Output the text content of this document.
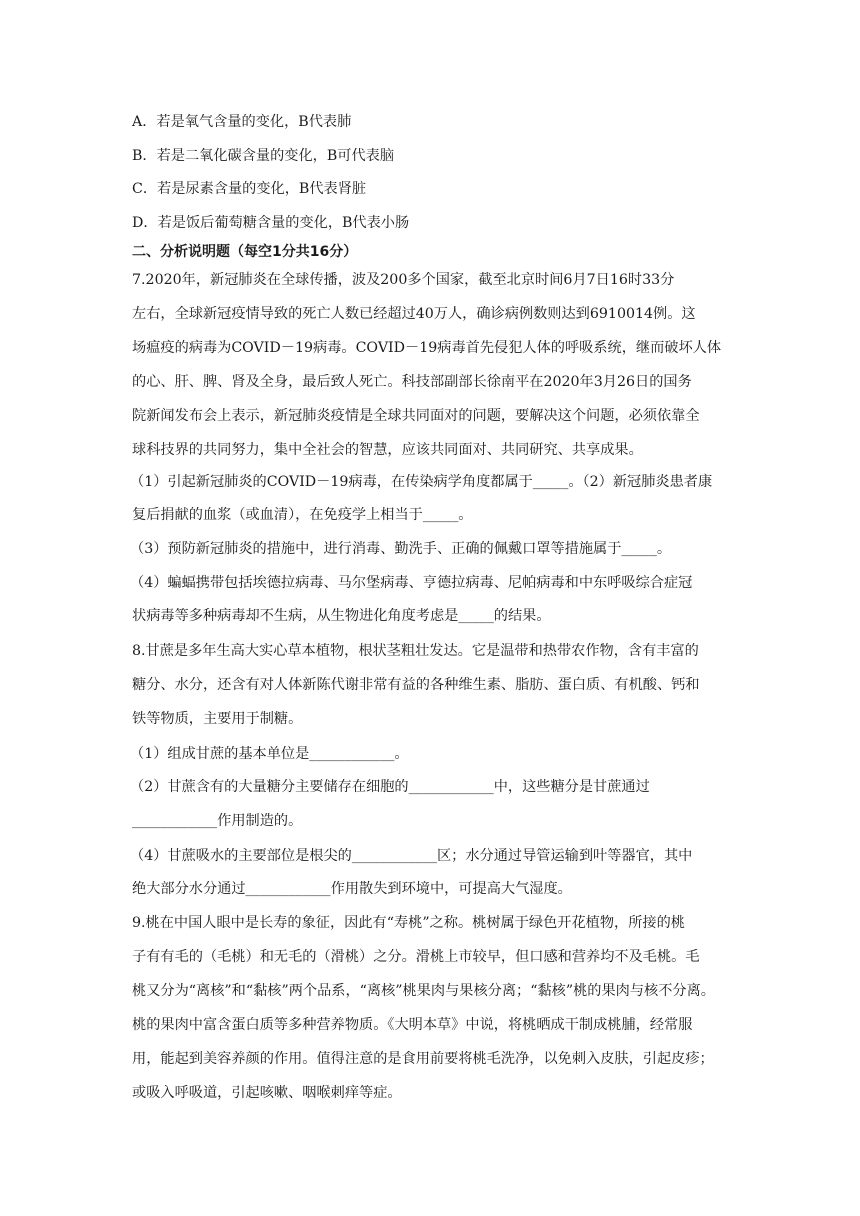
A．若是氧气含量的变化，B代表肺
B．若是二氧化碳含量的变化，B可代表脑
C．若是尿素含量的变化，B代表肾脏
D．若是饭后葡萄糖含量的变化，B代表小肠
二、分析说明题（每空1分共16分）
7.2020年，新冠肺炎在全球传播，波及200多个国家，截至北京时间6月7日16时33分
左右，全球新冠疫情导致的死亡人数已经超过40万人，确诊病例数则达到6910014例。这
场瘟疫的病毒为COVID－19病毒。COVID－19病毒首先侵犯人体的呼吸系统，继而破坏人体
的心、肝、脾、肾及全身，最后致人死亡。科技部副部长徐南平在2020年3月26日的国务
院新闻发布会上表示，新冠肺炎疫情是全球共同面对的问题，要解决这个问题，必须依靠全
球科技界的共同努力，集中全社会的智慧，应该共同面对、共同研究、共享成果。
（1）引起新冠肺炎的COVID－19病毒，在传染病学角度都属于_____。（2）新冠肺炎患者康
复后捐献的血浆（或血清），在免疫学上相当于_____。
（3）预防新冠肺炎的措施中，进行消毒、勤洗手、正确的佩戴口罩等措施属于_____。
（4）蝙蝠携带包括埃德拉病毒、马尔堡病毒、亨德拉病毒、尼帕病毒和中东呼吸综合症冠
状病毒等多种病毒却不生病，从生物进化角度考虑是_____的结果。
8.甘蔗是多年生高大实心草本植物，根状茎粗壮发达。它是温带和热带农作物，含有丰富的
糖分、水分，还含有对人体新陈代谢非常有益的各种维生素、脂肪、蛋白质、有机酸、钙和
铁等物质，主要用于制糖。
（1）组成甘蔗的基本单位是____________。
（2）甘蔗含有的大量糖分主要储存在细胞的____________中，这些糖分是甘蔗通过
____________作用制造的。
（4）甘蔗吸水的主要部位是根尖的____________区；水分通过导管运输到叶等器官，其中
绝大部分水分通过____________作用散失到环境中，可提高大气湿度。
9.桃在中国人眼中是长寿的象征，因此有“寿桃”之称。桃树属于绿色开花植物，所接的桃
子有有毛的（毛桃）和无毛的（滑桃）之分。滑桃上市较早，但口感和营养均不及毛桃。毛
桃又分为“离核”和“黏核”两个品系，“离核”桃果肉与果核分离；“黏核”桃的果肉与核不分离。
桃的果肉中富含蛋白质等多种营养物质。《大明本草》中说，将桃晒成干制成桃脯，经常服
用，能起到美容养颜的作用。值得注意的是食用前要将桃毛洗净，以免刺入皮肤，引起皮疹；
或吸入呼吸道，引起咳嗽、咽喉刺痒等症。
